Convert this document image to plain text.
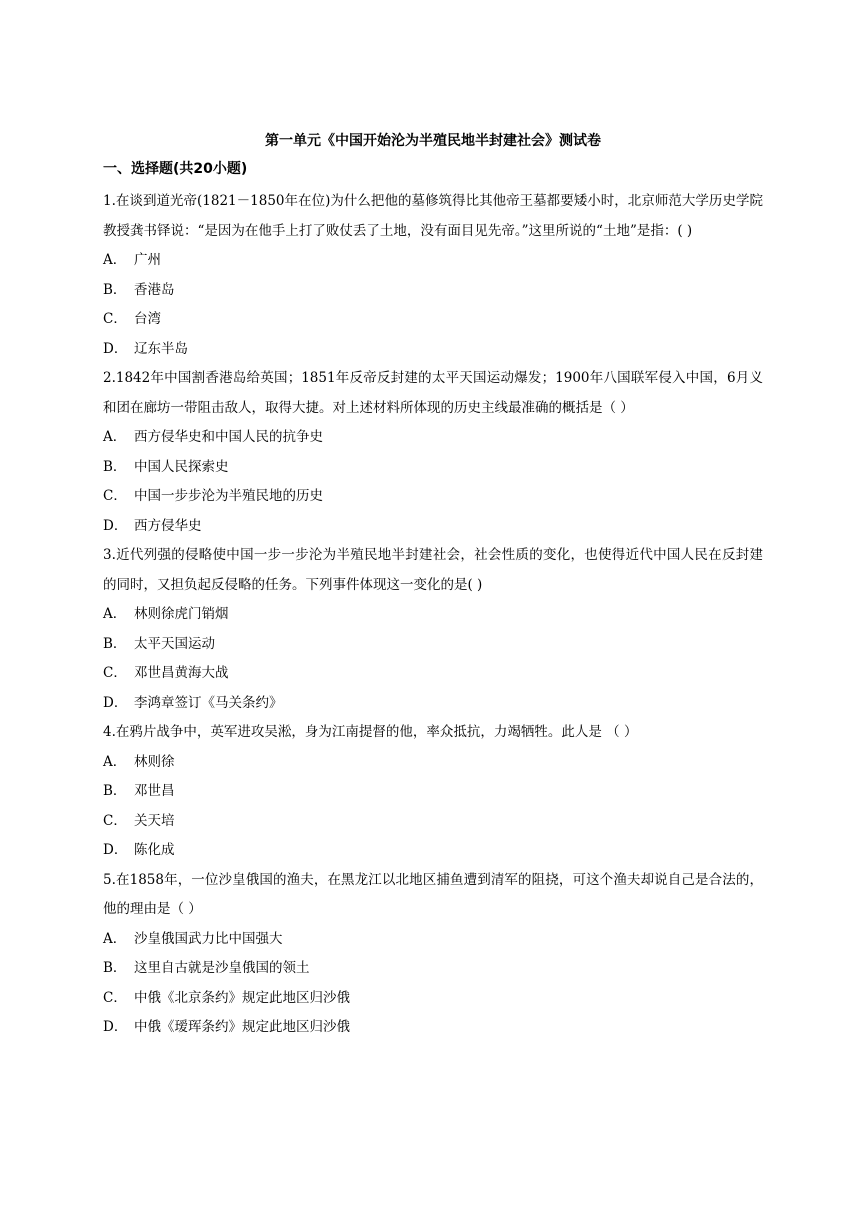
第一单元《中国开始沦为半殖民地半封建社会》测试卷
一、选择题(共20小题)
1.在谈到道光帝(1821－1850年在位)为什么把他的墓修筑得比其他帝王墓都要矮小时，北京师范大学历史学院教授龚书铎说：“是因为在他手上打了败仗丢了土地，没有面目见先帝。”这里所说的“土地”是指：( )
A． 广州
B． 香港岛
C． 台湾
D． 辽东半岛
2.1842年中国割香港岛给英国；1851年反帝反封建的太平天国运动爆发；1900年八国联军侵入中国，6月义和团在廊坊一带阻击敌人，取得大捷。对上述材料所体现的历史主线最准确的概括是（ ）
A． 西方侵华史和中国人民的抗争史
B． 中国人民探索史
C． 中国一步步沦为半殖民地的历史
D． 西方侵华史
3.近代列强的侵略使中国一步一步沦为半殖民地半封建社会，社会性质的变化，也使得近代中国人民在反封建的同时，又担负起反侵略的任务。下列事件体现这一变化的是( )
A． 林则徐虎门销烟
B． 太平天国运动
C． 邓世昌黄海大战
D． 李鸿章签订《马关条约》
4.在鸦片战争中，英军进攻吴淞，身为江南提督的他，率众抵抗，力竭牺牲。此人是 （ ）
A． 林则徐
B． 邓世昌
C． 关天培
D． 陈化成
5.在1858年，一位沙皇俄国的渔夫，在黑龙江以北地区捕鱼遭到清军的阻挠，可这个渔夫却说自己是合法的，他的理由是（ ）
A． 沙皇俄国武力比中国强大
B． 这里自古就是沙皇俄国的领土
C． 中俄《北京条约》规定此地区归沙俄
D． 中俄《瑷珲条约》规定此地区归沙俄
